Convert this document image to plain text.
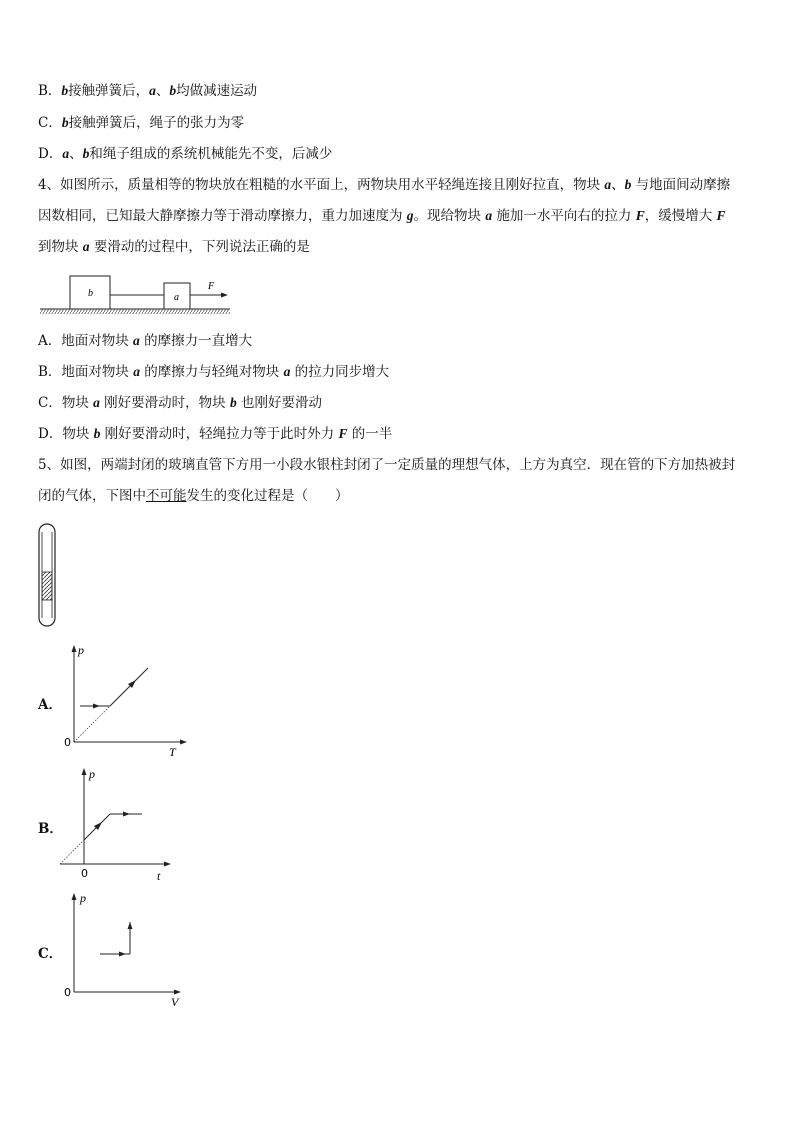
B．b接触弹簧后，a、b均做减速运动
C．b接触弹簧后，绳子的张力为零
D．a、b和绳子组成的系统机械能先不变，后减少
4、如图所示，质量相等的物块放在粗糙的水平面上，两物块用水平轻绳连接且刚好拉直，物块 a、b 与地面间动摩擦
因数相同，已知最大静摩擦力等于滑动摩擦力，重力加速度为 g。现给物块 a 施加一水平向右的拉力 F，缓慢增大 F
到物块 a 要滑动的过程中，下列说法正确的是
b	a
F
A．地面对物块 a 的摩擦力一直增大
B．地面对物块 a 的摩擦力与轻绳对物块 a 的拉力同步增大
C．物块 a 刚好要滑动时，物块 b 也刚好要滑动
D．物块 b 刚好要滑动时，轻绳拉力等于此时外力 F 的一半
5、如图，两端封闭的玻璃直管下方用一小段水银柱封闭了一定质量的理想气体，上方为真空．现在管的下方加热被封
闭的气体，下图中不可能发生的变化过程是（　　）
A．
p
T
0
B．
p
t
0
C．
p
V
0
